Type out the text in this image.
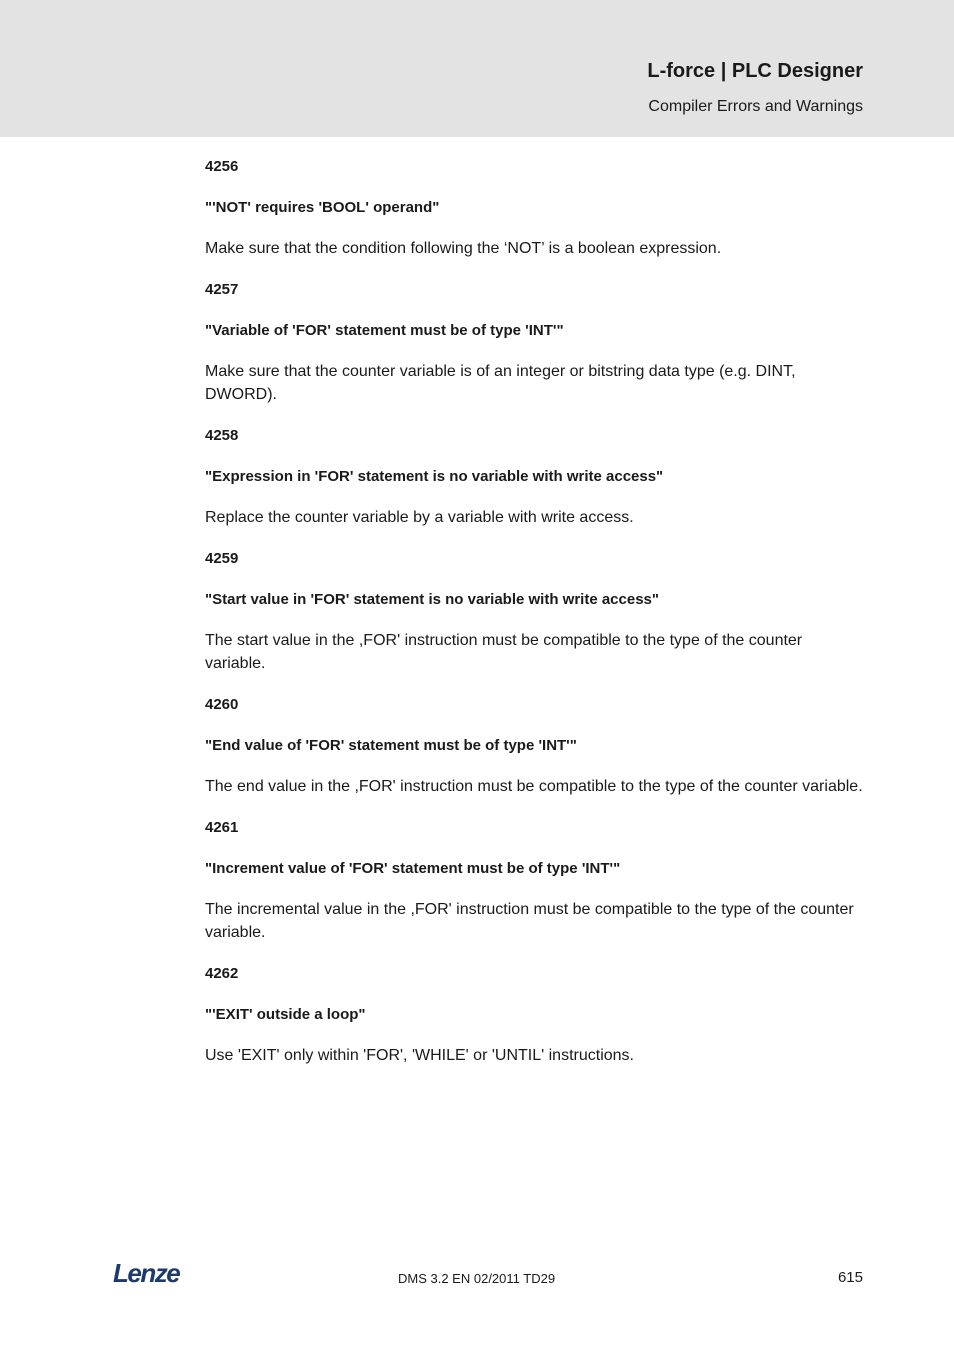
L-force | PLC Designer
Compiler Errors and Warnings
4256
"'NOT' requires 'BOOL' operand"
Make sure that the condition following the ‘NOT’ is a boolean expression.
4257
"Variable of 'FOR' statement must be of type 'INT'"
Make sure that the counter variable is of an integer or bitstring data type (e.g. DINT, DWORD).
4258
"Expression in 'FOR' statement is no variable with write access"
Replace the counter variable by a variable with write access.
4259
"Start value in 'FOR' statement is no variable with write access"
The start value in the ,FOR' instruction must be compatible to the type of the counter variable.
4260
"End value of 'FOR' statement must be of type 'INT'"
The end value in the ,FOR' instruction must be compatible to the type of the counter variable.
4261
"Increment value of 'FOR' statement must be of type 'INT'"
The incremental value in the ,FOR' instruction must be compatible to the type of the counter variable.
4262
"'EXIT' outside a loop"
Use 'EXIT' only within 'FOR', 'WHILE' or 'UNTIL' instructions.
Lenze	DMS 3.2 EN 02/2011 TD29	615
